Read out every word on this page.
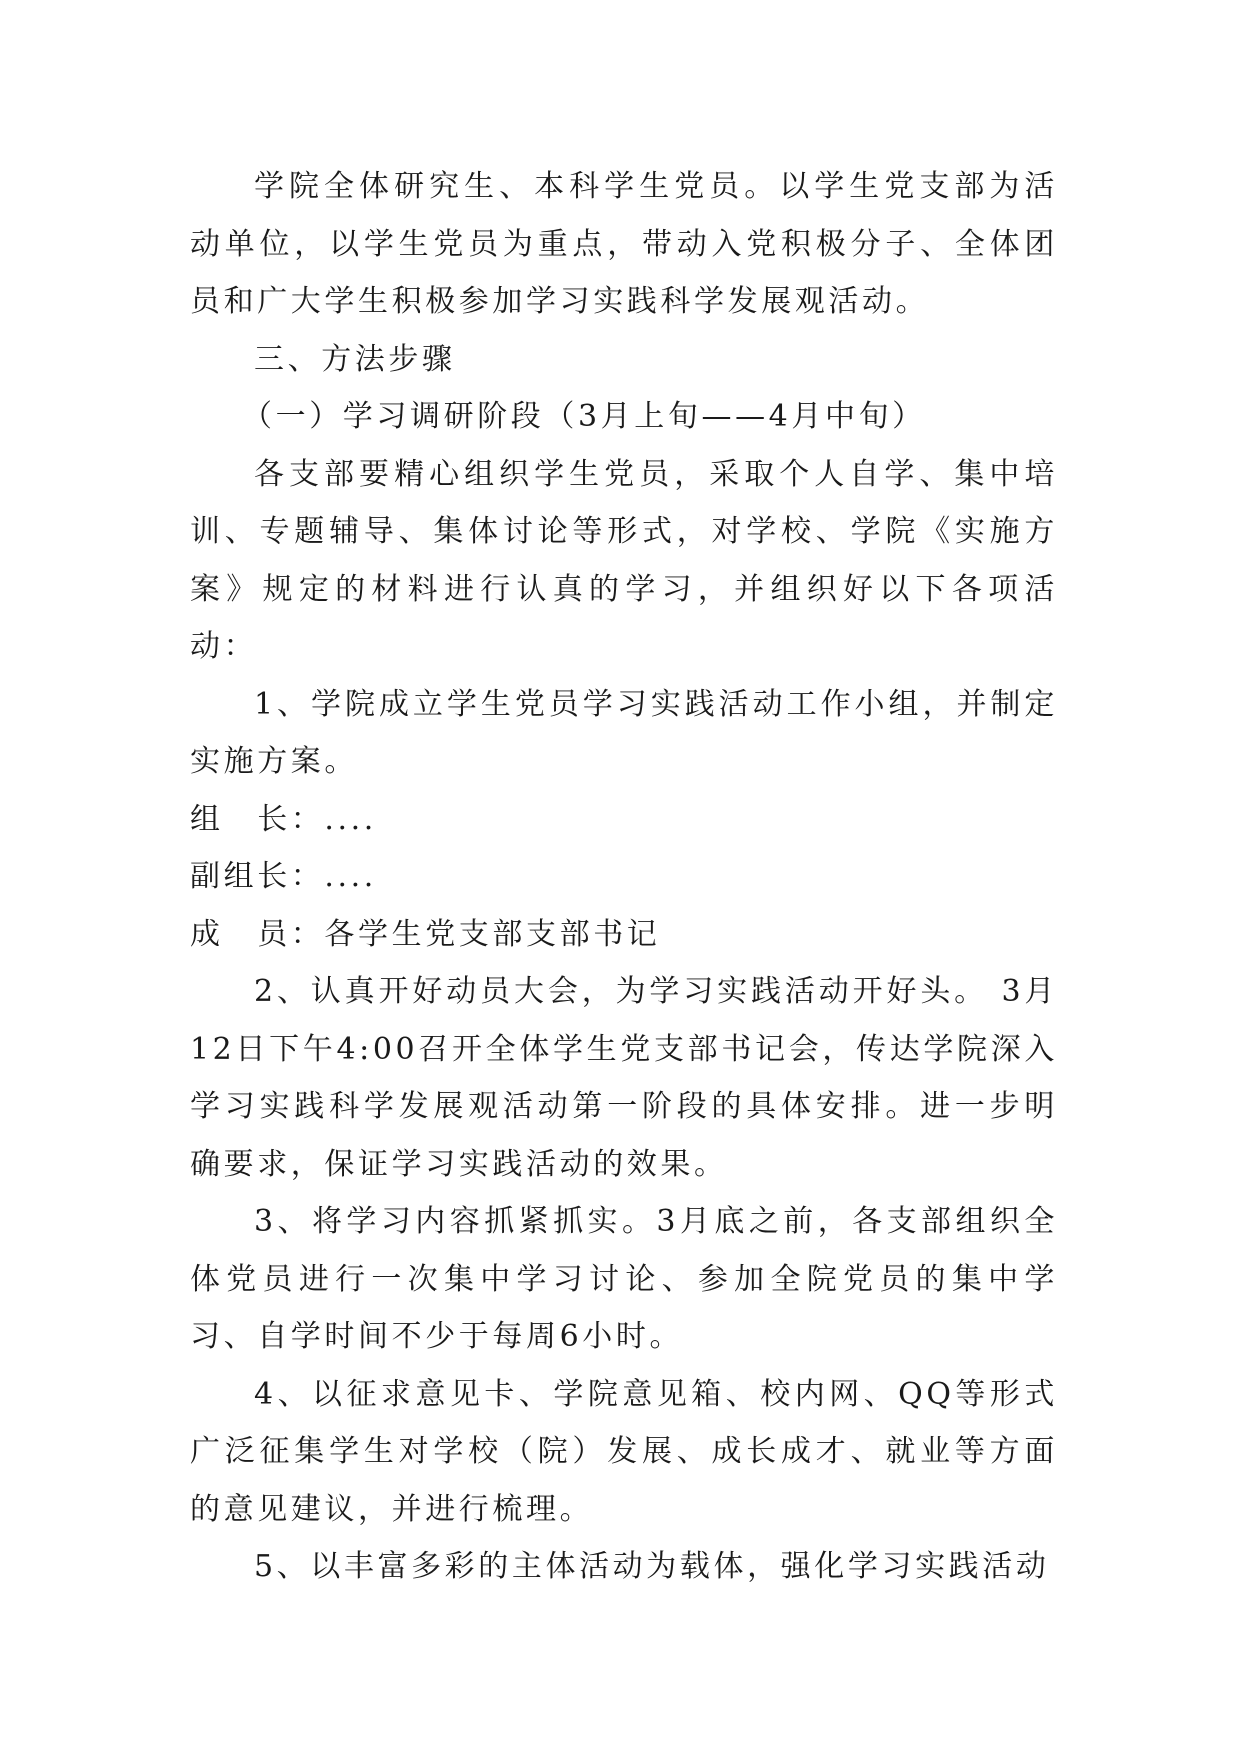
学院全体研究生、本科学生党员。以学生党支部为活动单位，以学生党员为重点，带动入党积极分子、全体团员和广大学生积极参加学习实践科学发展观活动。

三、方法步骤

（一）学习调研阶段（3月上旬——4月中旬）

各支部要精心组织学生党员，采取个人自学、集中培训、专题辅导、集体讨论等形式，对学校、学院《实施方案》规定的材料进行认真的学习，并组织好以下各项活动：

1、学院成立学生党员学习实践活动工作小组，并制定实施方案。

组　长：....

副组长：....

成　员：各学生党支部支部书记

2、认真开好动员大会，为学习实践活动开好头。 3月12日下午4:00召开全体学生党支部书记会，传达学院深入学习实践科学发展观活动第一阶段的具体安排。进一步明确要求，保证学习实践活动的效果。

3、将学习内容抓紧抓实。3月底之前，各支部组织全体党员进行一次集中学习讨论、参加全院党员的集中学习、自学时间不少于每周6小时。

4、以征求意见卡、学院意见箱、校内网、QQ等形式广泛征集学生对学校（院）发展、成长成才、就业等方面的意见建议，并进行梳理。

5、以丰富多彩的主体活动为载体，强化学习实践活动
